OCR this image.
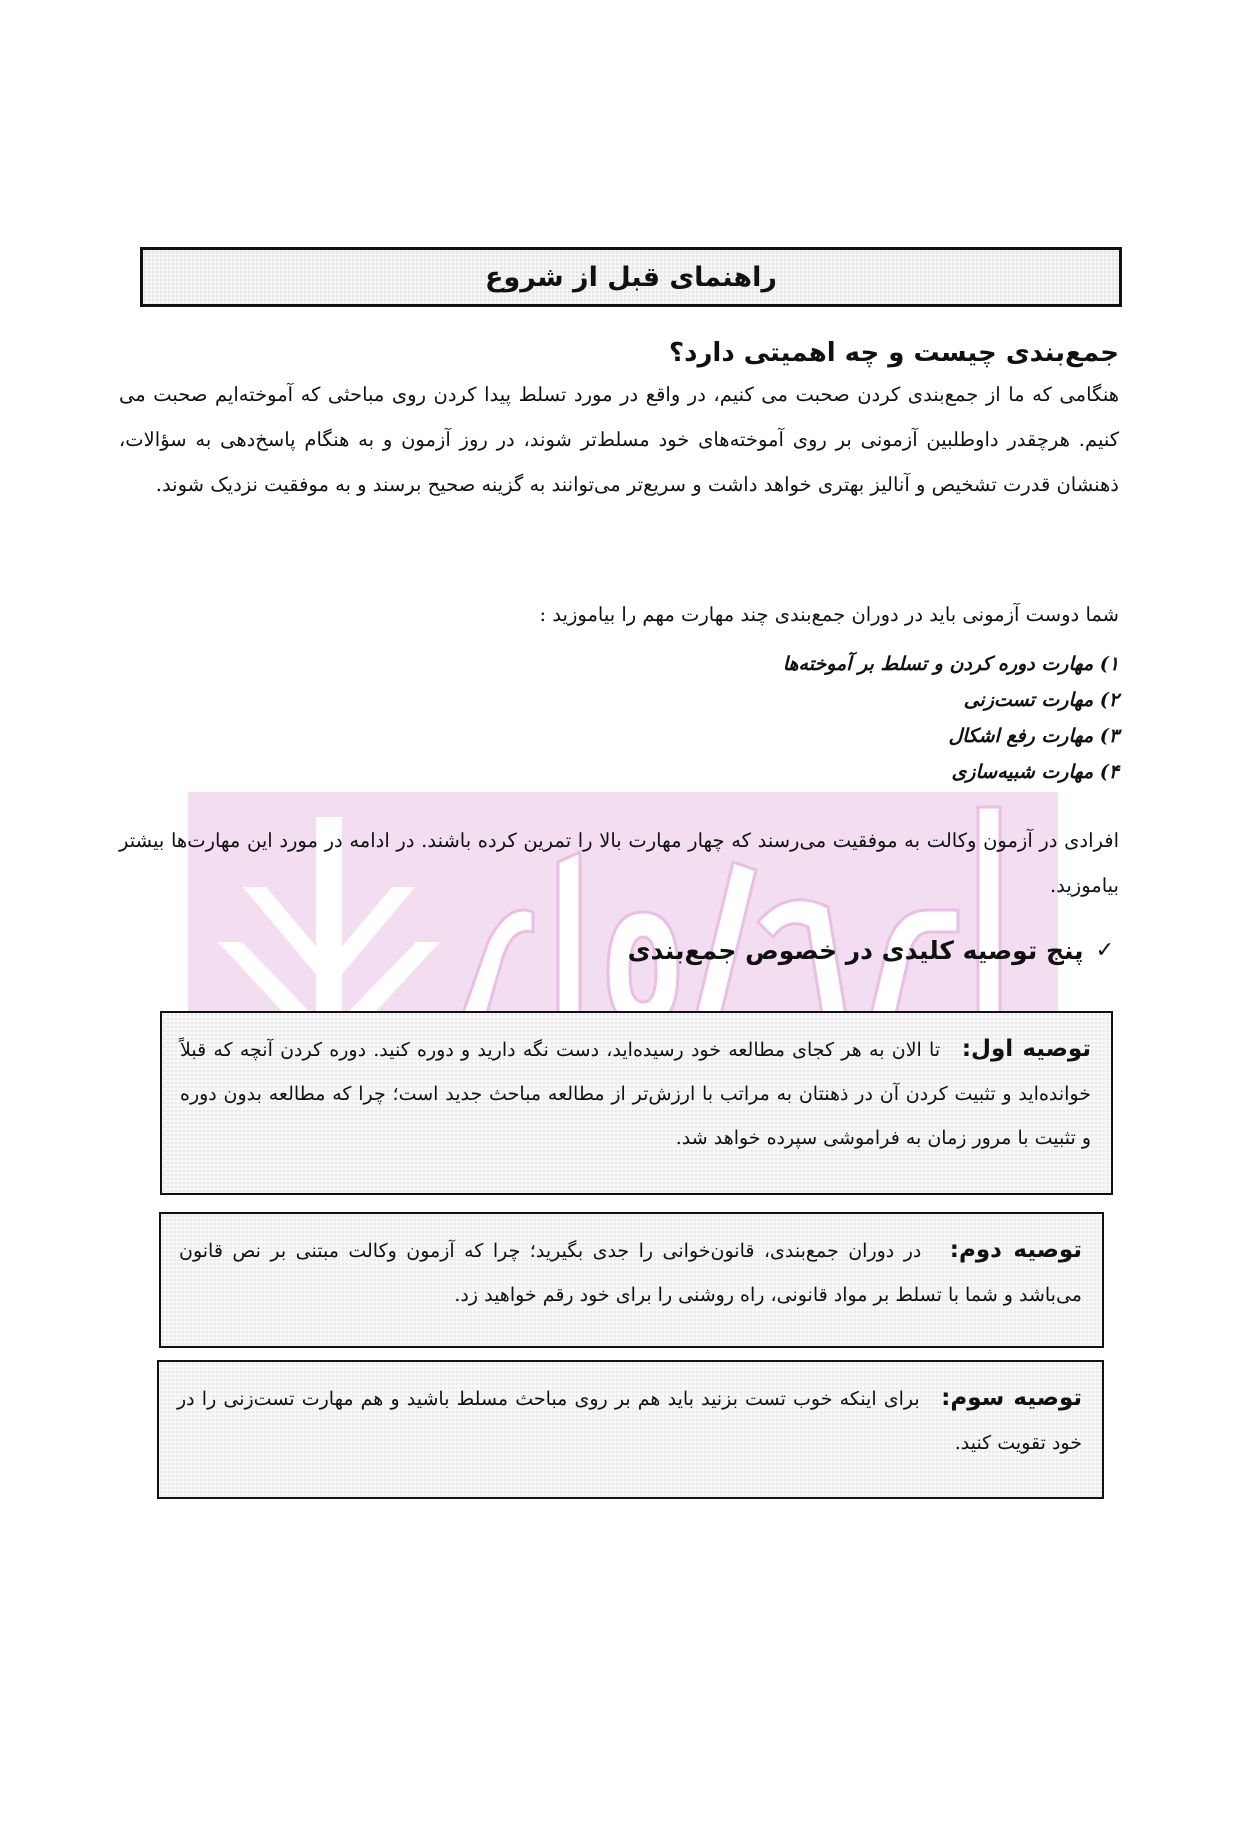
راهنمای قبل از شروع
جمع‌بندی چیست و چه اهمیتی دارد؟
هنگامی که ما از جمع‌بندی کردن صحبت می کنیم، در واقع در مورد تسلط پیدا کردن روی مباحثی که آموخته‌ایم صحبت می کنیم. هرچقدر داوطلبین آزمونی بر روی آموخته‌های خود مسلط‌تر شوند، در روز آزمون و به هنگام پاسخ‌دهی به سؤالات، ذهنشان قدرت تشخیص و آنالیز بهتری خواهد داشت و سریع‌تر می‌توانند به گزینه صحیح برسند و به موفقیت نزدیک شوند.
شما دوست آزمونی باید در دوران جمع‌بندی چند مهارت مهم را بیاموزید :
۱) مهارت دوره کردن و تسلط بر آموخته‌ها
۲) مهارت تست‌زنی
۳) مهارت رفع اشکال
۴) مهارت شبیه‌سازی
افرادی در آزمون وکالت به موفقیت می‌رسند که چهار مهارت بالا را تمرین کرده باشند. در ادامه در مورد این مهارت‌ها بیشتر بیاموزید.
✓
پنج توصیه کلیدی در خصوص جمع‌بندی
توصیه اول:   تا الان به هر کجای مطالعه خود رسیده‌اید، دست نگه دارید و دوره کنید. دوره کردن آنچه که قبلاً خوانده‌اید و تثبیت کردن آن در ذهنتان به مراتب با ارزش‌تر از مطالعه مباحث جدید است؛ چرا که مطالعه بدون دوره و تثبیت با مرور زمان به فراموشی سپرده خواهد شد.
توصیه دوم:   در دوران جمع‌بندی، قانون‌خوانی را جدی بگیرید؛ چرا که آزمون وکالت مبتنی بر نص قانون می‌باشد و شما با تسلط بر مواد قانونی، راه روشنی را برای خود رقم خواهید زد.
توصیه سوم:   برای اینکه خوب تست بزنید باید هم بر روی مباحث مسلط باشید و هم مهارت تست‌زنی را در خود تقویت کنید.
